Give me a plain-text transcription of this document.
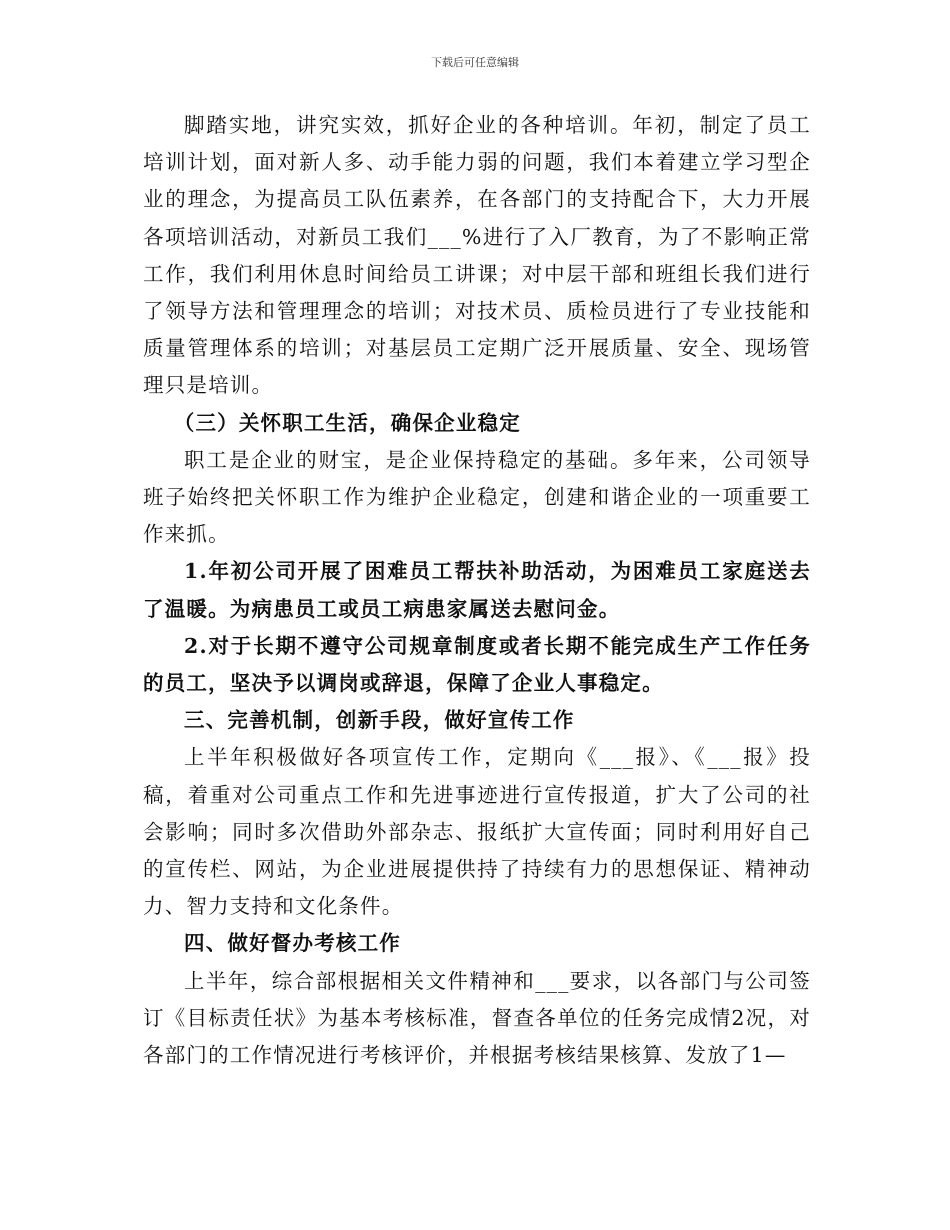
下载后可任意编辑

脚踏实地，讲究实效，抓好企业的各种培训。年初，制定了员工培训计划，面对新人多、动手能力弱的问题，我们本着建立学习型企业的理念，为提高员工队伍素养，在各部门的支持配合下，大力开展各项培训活动，对新员工我们___%进行了入厂教育，为了不影响正常工作，我们利用休息时间给员工讲课；对中层干部和班组长我们进行了领导方法和管理理念的培训；对技术员、质检员进行了专业技能和质量管理体系的培训；对基层员工定期广泛开展质量、安全、现场管理只是培训。

（三）关怀职工生活，确保企业稳定

职工是企业的财宝，是企业保持稳定的基础。多年来，公司领导班子始终把关怀职工作为维护企业稳定，创建和谐企业的一项重要工作来抓。

1.年初公司开展了困难员工帮扶补助活动，为困难员工家庭送去了温暖。为病患员工或员工病患家属送去慰问金。

2.对于长期不遵守公司规章制度或者长期不能完成生产工作任务的员工，坚决予以调岗或辞退，保障了企业人事稳定。

三、完善机制，创新手段，做好宣传工作

上半年积极做好各项宣传工作，定期向《___报》、《___报》投稿，着重对公司重点工作和先进事迹进行宣传报道，扩大了公司的社会影响；同时多次借助外部杂志、报纸扩大宣传面；同时利用好自己的宣传栏、网站，为企业进展提供持了持续有力的思想保证、精神动力、智力支持和文化条件。

四、做好督办考核工作

上半年，综合部根据相关文件精神和___要求，以各部门与公司签订《目标责任状》为基本考核标准，督查各单位的任务完成情2况，对各部门的工作情况进行考核评价，并根据考核结果核算、发放了1—
